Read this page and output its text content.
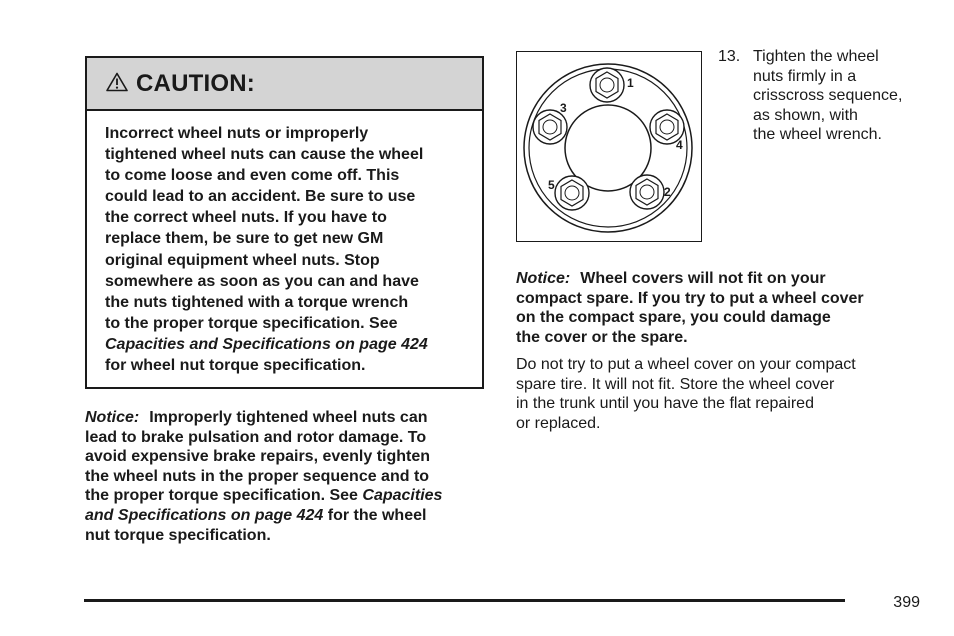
CAUTION:
Incorrect wheel nuts or improperly
tightened wheel nuts can cause the wheel
to come loose and even come off. This
could lead to an accident. Be sure to use
the correct wheel nuts. If you have to
replace them, be sure to get new GM
original equipment wheel nuts. Stop
somewhere as soon as you can and have
the nuts tightened with a torque wrench
to the proper torque specification. See
Capacities and Specifications on page 424
for wheel nut torque specification.
Notice: Improperly tightened wheel nuts can
lead to brake pulsation and rotor damage. To
avoid expensive brake repairs, evenly tighten
the wheel nuts in the proper sequence and to
the proper torque specification. See Capacities
and Specifications on page 424 for the wheel
nut torque specification.
1
2
3
4
5
13. Tighten the wheel
nuts firmly in a
crisscross sequence,
as shown, with
the wheel wrench.
Notice: Wheel covers will not fit on your
compact spare. If you try to put a wheel cover
on the compact spare, you could damage
the cover or the spare.
Do not try to put a wheel cover on your compact
spare tire. It will not fit. Store the wheel cover
in the trunk until you have the flat repaired
or replaced.
399
